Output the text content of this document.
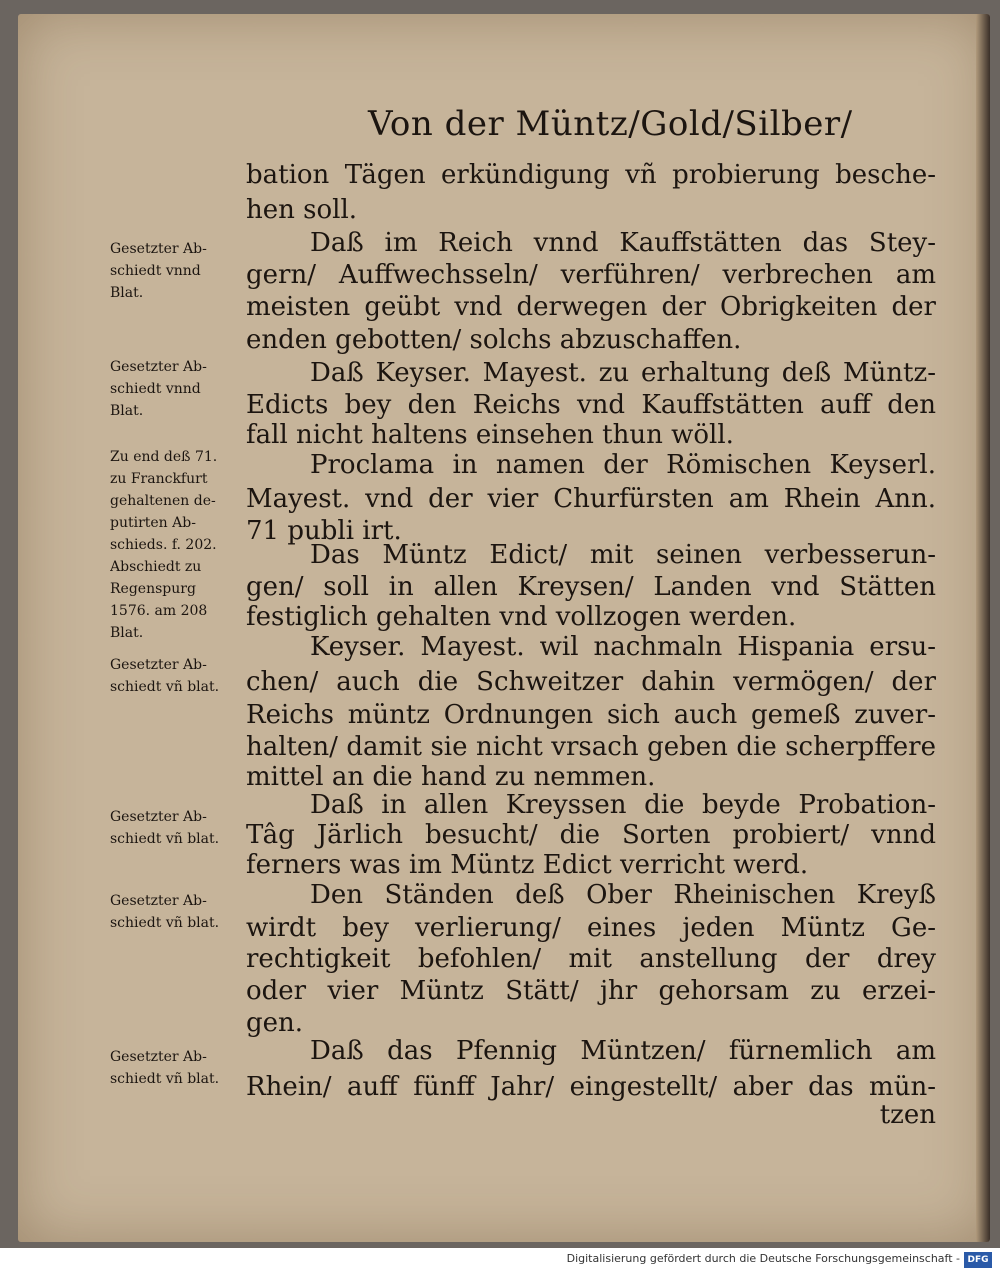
Von der Müntz/Gold/Silber/
bation Tägen erkündigung vñ probierung besche-
hen soll.
Daß im Reich vnnd Kauffstätten das Stey-
gern/ Auffwechsseln/ verführen/ verbrechen am
meisten geübt vnd derwegen der Obrigkeiten der
enden gebotten/ solchs abzuschaffen.
Daß Keyser. Mayest. zu erhaltung deß Müntz-
Edicts bey den Reichs vnd Kauffstätten auff den
fall nicht haltens einsehen thun wöll.
Proclama in namen der Römischen Keyserl.
Mayest. vnd der vier Churfürsten am Rhein Ann.
71 publi irt.
Das Müntz Edict/ mit seinen verbesserun-
gen/ soll in allen Kreysen/ Landen vnd Stätten
festiglich gehalten vnd vollzogen werden.
Keyser. Mayest. wil nachmaln Hispania ersu-
chen/ auch die Schweitzer dahin vermögen/ der
Reichs müntz Ordnungen sich auch gemeß zuver-
halten/ damit sie nicht vrsach geben die scherpffere
mittel an die hand zu nemmen.
Daß in allen Kreyssen die beyde Probation-
Tâg Järlich besucht/ die Sorten probiert/ vnnd
ferners was im Müntz Edict verricht werd.
Den Ständen deß Ober Rheinischen Kreyß
wirdt bey verlierung/ eines jeden Müntz Ge-
rechtigkeit befohlen/ mit anstellung der drey
oder vier Müntz Stätt/ jhr gehorsam zu erzei-
gen.
Daß das Pfennig Müntzen/ fürnemlich am
Rhein/ auff fünff Jahr/ eingestellt/ aber das mün-
tzen
Gesetzter Ab-
schiedt vnnd
Blat.
Gesetzter Ab-
schiedt vnnd
Blat.
Zu end deß 71.
zu Franckfurt
gehaltenen de-
putirten Ab-
schieds. f. 202.
Abschiedt zu
Regenspurg
1576. am 208
Blat.
Gesetzter Ab-
schiedt vñ blat.
Gesetzter Ab-
schiedt vñ blat.
Gesetzter Ab-
schiedt vñ blat.
Gesetzter Ab-
schiedt vñ blat.
Digitalisierung gefördert durch die Deutsche Forschungsgemeinschaft - DFG
